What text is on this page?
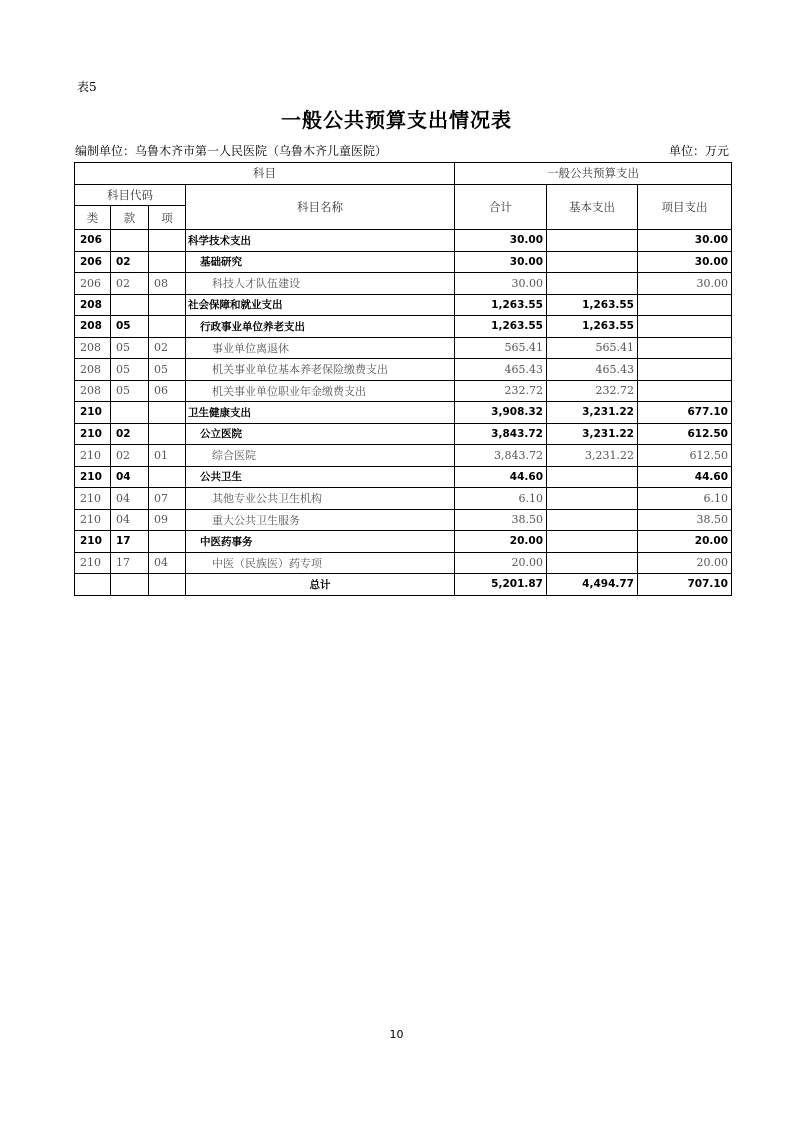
表5
一般公共预算支出情况表
编制单位：乌鲁木齐市第一人民医院（乌鲁木齐儿童医院）	单位：万元
科目				一般公共预算支出		
科目代码			科目名称	合计	基本支出	项目支出
类	款	项				
206			科学技术支出	30.00		30.00
206	02		基础研究	30.00		30.00
206	02	08	科技人才队伍建设	30.00		30.00
208			社会保障和就业支出	1,263.55	1,263.55	
208	05		行政事业单位养老支出	1,263.55	1,263.55	
208	05	02	事业单位离退休	565.41	565.41	
208	05	05	机关事业单位基本养老保险缴费支出	465.43	465.43	
208	05	06	机关事业单位职业年金缴费支出	232.72	232.72	
210			卫生健康支出	3,908.32	3,231.22	677.10
210	02		公立医院	3,843.72	3,231.22	612.50
210	02	01	综合医院	3,843.72	3,231.22	612.50
210	04		公共卫生	44.60		44.60
210	04	07	其他专业公共卫生机构	6.10		6.10
210	04	09	重大公共卫生服务	38.50		38.50
210	17		中医药事务	20.00		20.00
210	17	04	中医（民族医）药专项	20.00		20.00
			总计	5,201.87	4,494.77	707.10
10
